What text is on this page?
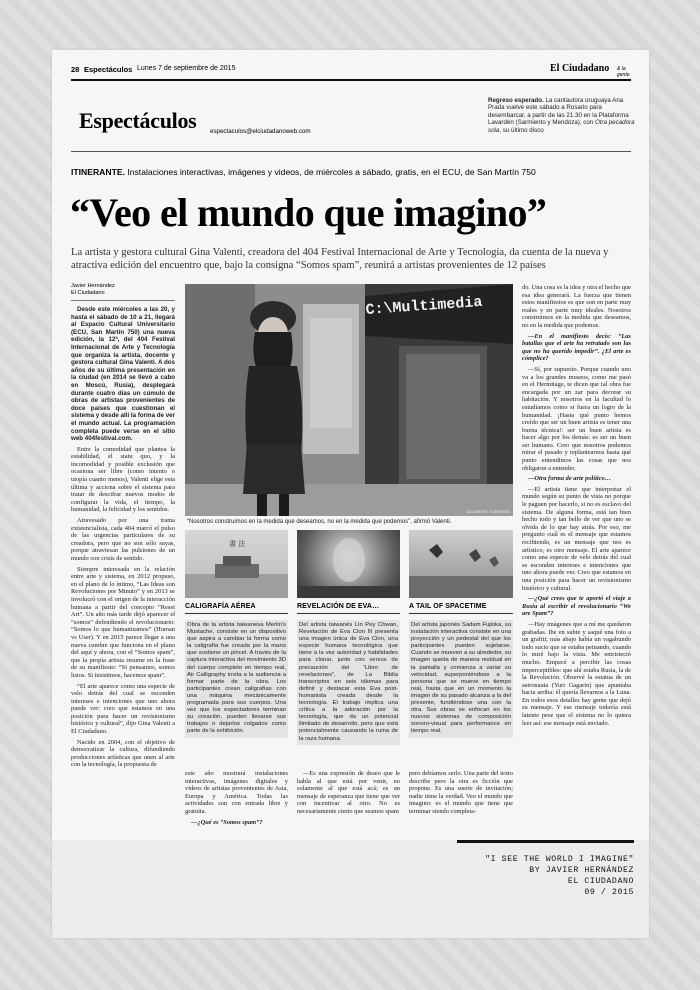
28 Espectáculos Lunes 7 de septiembre de 2015	El Ciudadano & la gente
Espectáculos espectaculos@elciudadanoweb.com
Regreso esperado. La cantautora uruguaya Ana Prada vuelve este sábado a Rosario para desembarcar, a partir de las 21.30 en la Plataforma Lavardén (Sarmiento y Mendoza), con Otra pecadora sola, su último disco
ITINERANTE. Instalaciones interactivas, imágenes y videos, de miércoles a sábado, gratis, en el ECU, de San Martín 750
“Veo el mundo que imagino”
La artista y gestora cultural Gina Valenti, creadora del 404 Festival Internacional de Arte y Tecnología, da cuenta de la nueva y atractiva edición del encuentro que, bajo la consigna “Somos spam”, reunirá a artistas provenientes de 12 países
Javier Hernández
El Ciudadano

Desde este miércoles a las 20, y hasta el sábado de 10 a 21, llegará al Espacio Cultural Universitario (ECU, San Martín 750) una nueva edición, la 12ª, del 404 Festival Internacional de Arte y Tecnología que organiza la artista, docente y gestora cultural Gina Valenti. A dos años de su última presentación en la ciudad (en 2014 se llevó a cabo en Moscú, Rusia), desplegará durante cuatro días un cúmulo de obras de artistas provenientes de doce países que cuestionan el sistema y desde allí la forma de ver el mundo actual. La programación completa puede verse en el sitio web 404festival.com.

Entre la comodidad que plantea la estabilidad, el statu quo, y la incomodidad y posible exclusión que ocasiona ser libre (como intento o utopía cuanto menos), Valenti elige esta última y acciona sobre el sistema para tratar de descifrar nuevos modos de configurar la vida, el tiempo, la humanidad, la felicidad y los sentidos.

Atravesado por una trama existencialista, cada 404 marcó el pulso de las urgencias particulares de su creadora, pero que no son sólo suyas, porque atraviesan las pulsiones de un mundo con crisis de sentido.

Siempre interesada en la relación entre arte y sistema, en 2012 propuso, en el plano de lo íntimo, “Las Ideas son Revoluciones por Minuto” y en 2013 se involucró con el origen de la interacción humana a partir del concepto “Reset Art”. Un año más tarde dejó aparecer el “somos” defendiendo el revolucionario: “Somos lo que humanizamos” (Human vs User). Y en 2015 parece llegar a una nueva cumbre que funciona en el plano del aquí y ahora, con el “Somos spam”, que la propia artista resume en la frase de su manifiesto: “Si pensamos, somos listos. Si insistimos, hacemos spam”.

“El arte aparece como una especie de velo detrás del cual se esconden intereses e intenciones que uno ahora puede ver: creo que estamos en una posición para hacer un revisionismo histórico y cultural”, dijo Gina Valenti a El Ciudadano.

Nacido en 2004, con el objetivo de democratizar la cultura, difundiendo producciones artísticas que unen al arte con la tecnología, la propuesta de

C:\Multimedia
ALEJANDRO GUERRERO
“Nosotros construimos en la medida que deseamos, no en la medida que podemos”, afirmó Valenti.

do. Una cosa es la idea y otra el hecho que esa idea generará. La fuerza que tienen estos manifiestos es que son en parte muy reales y en parte muy ideales. Nosotros construimos en la medida que deseamos, no en la medida que podemos.

—En el manifiesto decís: “Las batallas que el arte ha retratado son las que no ha querido impedir”. ¿El arte es cómplice?

—Sí, por supuesto. Porque cuando uno va a los grandes museos, como me pasó en el Hermitage, te dicen que tal obra fue encargada por un zar para decorar su habitación. Y nosotros en la facultad lo estudiamos como si fuera un logro de la humanidad. ¡Hasta qué punto hemos creído que ser un buen artista es tener una buena técnica!: ser un buen artista es hacer algo por los demás: es ser un buen ser humano. Creo que nosotros podemos mirar el pasado y replantearnos hasta qué punto entendimos las cosas que nos obligaron a entender.

—Otra forma de arte político…

—El artista tiene que interpretar el mundo según su punto de vista no porque le paguen por hacerlo, si no es esclavo del sistema. De alguna forma, está tan bien hecho todo y tan bello de ver que uno se olvida de lo que hay atrás. Por eso, me pregunto cuál es el mensaje que estamos recibiendo, es un mensaje que nos es artístico, es otro mensaje. El arte aparece como una especie de velo detrás del cual se esconden intereses e intenciones que uno ahora puede ver. Creo que estamos en una posición para hacer un revisionismo histórico y cultural.

—¿Qué crees que te aportó el viaje a Rusia al escribir el revolucionario “We are Spam”?

—Hay imágenes que a mí me quedaron grabadas. Ibe en subte y saqué una foto a un grafiti; más abajo había un vagabundo todo sucio que se estaba peinando, cuando lo miré bajo la vista. Me entristeció mucho. Empecé a percibir las cosas imperceptibles: que ahí estaba Rusia, la de la Revolución. Observé la estatua de un astronauta (Yuri Gagarin) que apuntaba hacia arriba: él quería llevarnos a la Luna. En todos esos detalles hay gente que dejó su mensaje. Y ese mensaje todavía está latente pese que el sistema no lo quiera leer así: ese mensaje está enviado.

書 法
CALIGRAFÍA AÉREA
Obra de la artista taiwanesa Merlin's Mustache, consiste en un dispositivo que aspira a cambiar la forma como la caligrafía fue creada por la mano que sostiene un pincel. A través de la captura interactiva del movimiento 3D del cuerpo completo en tiempo real, Air Calligraphy invita a la audiencia a formar parte de la obra. Los participantes crean caligrafías con una máquina mecánicamente programada para sus cuerpos. Una vez que los espectadores terminan su creación, pueden llevarse sus trabajos o dejarlos colgados como parte de la exhibición.
REVELACIÓN DE EVA…
Del artista taiwanés Lin Pey Chwan, Revelación de Eva Clon III presenta una imagen única de Eva Clon, una especie humana tecnológica que tiene a la vez autoridad y habilidades para clonar, junto con versos de precaución del “Libro de revelaciones”, de La Biblia transcriptos en seis idiomas para definir y destacar esta Eva post-humanista creada desde la tecnología. El trabajo implica una crítica a la adoración por la tecnología, que da un potencial ilimitado de desarrollo, pero que está potencialmente causando la ruina de la raza humana.
A TAIL OF SPACETIME
Del artista japonés Sadam Fujioka, su instalación interactiva consiste en una proyección y un pedestal del que los participantes pueden sujetarse. Cuando se mueven a su alrededor, su imagen queda de manera residual en la pantalla y comienza a variar su velocidad, superponiéndose a la persona que se mueve en tiempo real, hasta que en un momento la imagen de su pasado alcanza a la del presente, fundiéndose una con la otra. Sus obras se enfocan en los nuevos sistemas de composición sonoro-visual para performance en tiempo real.

este año mostrará instalaciones interactivas, imágenes digitales y videos de artistas provenientes de Asia, Europa y América. Todas las actividades son con entrada libre y gratuita.

—¿Qué es “Somos spam”?

—Es una expresión de deseo que le habla al que está por venir, no solamente al que está acá; es un mensaje de esperanza que tiene que ver con incentivar al otro. No es necesariamente cierto que seamos spam

pero debíamos serlo. Una parte del texto describe pero la otra es ficción que propone. Es una suerte de invitación; nadie tiene la verdad. Veo el mundo que imagino: es el mundo que tiene que terminar siendo completa-

"I SEE THE WORLD I IMAGINE"
BY JAVIER HERNÁNDEZ
EL CIUDADANO
09 / 2015
